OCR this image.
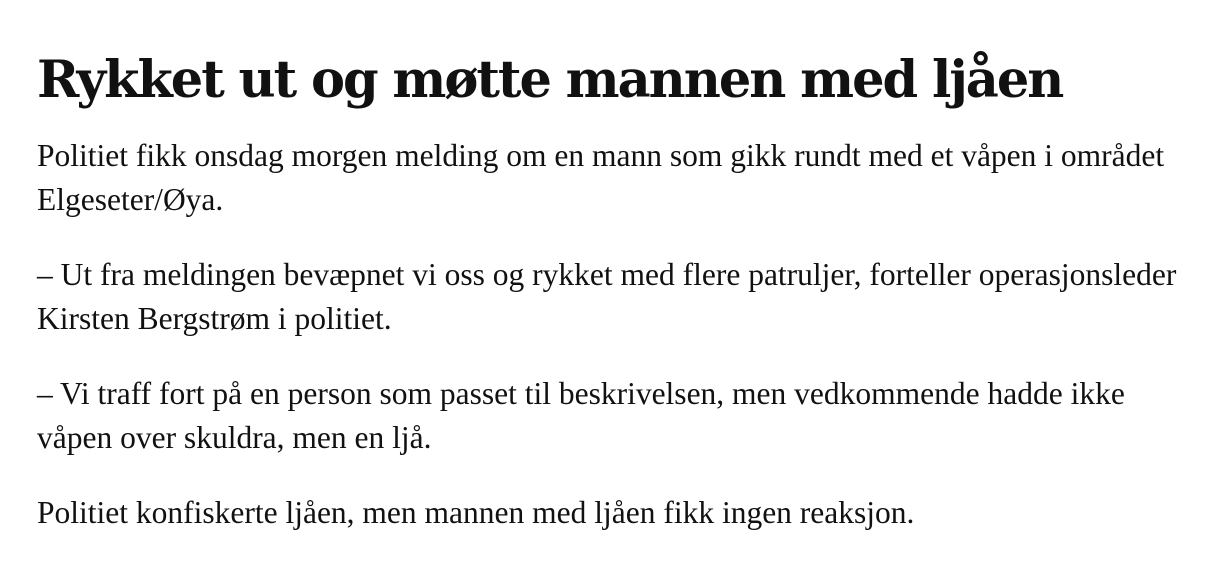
Rykket ut og møtte mannen med ljåen

Politiet fikk onsdag morgen melding om en mann som gikk rundt med et våpen i området Elgeseter/Øya.

– Ut fra meldingen bevæpnet vi oss og rykket med flere patruljer, forteller operasjonsleder Kirsten Bergstrøm i politiet.

– Vi traff fort på en person som passet til beskrivelsen, men vedkommende hadde ikke våpen over skuldra, men en ljå.

Politiet konfiskerte ljåen, men mannen med ljåen fikk ingen reaksjon.
